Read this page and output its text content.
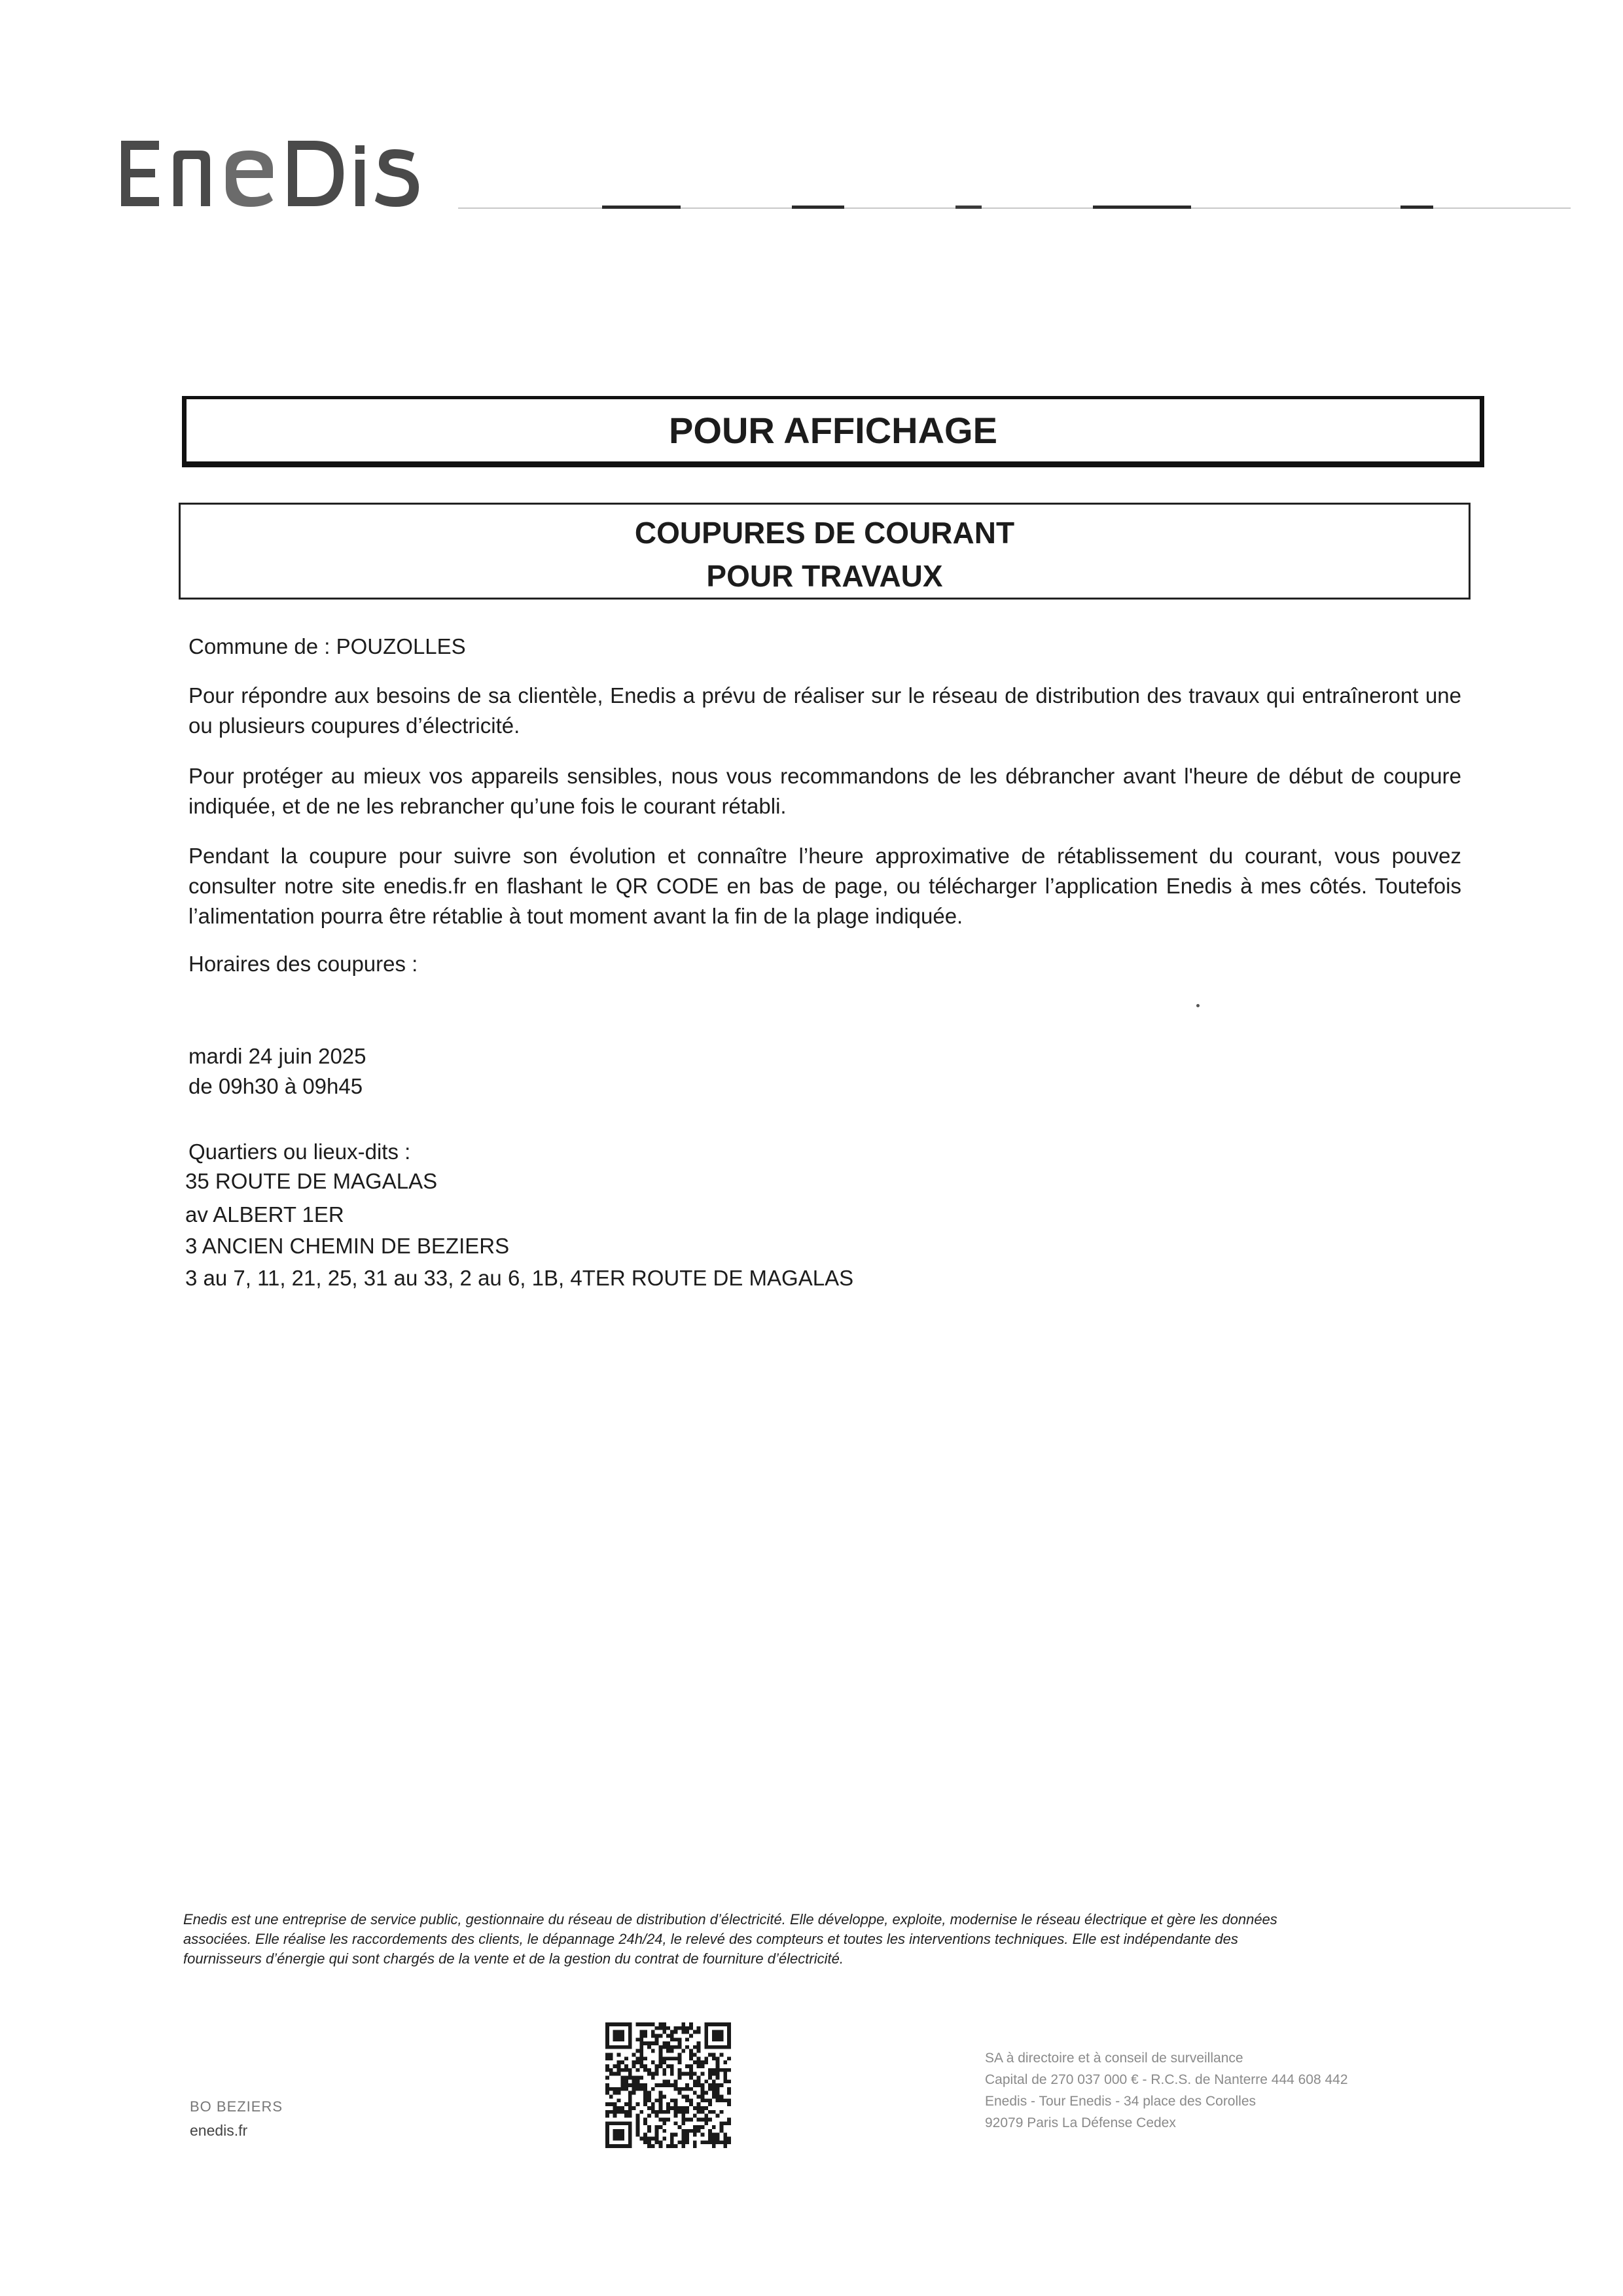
POUR AFFICHAGE
COUPURES DE COURANT
POUR TRAVAUX
Commune de : POUZOLLES

Pour répondre aux besoins de sa clientèle, Enedis a prévu de réaliser sur le réseau de distribution des travaux qui entraîneront une ou plusieurs coupures d’électricité.

Pour protéger au mieux vos appareils sensibles, nous vous recommandons de les débrancher avant l'heure de début de coupure indiquée, et de ne les rebrancher qu’une fois le courant rétabli.

Pendant la coupure pour suivre son évolution et connaître l’heure approximative de rétablissement du courant, vous pouvez consulter notre site enedis.fr en flashant le QR CODE en bas de page, ou télécharger l’application Enedis à mes côtés. Toutefois l’alimentation pourra être rétablie à tout moment avant la fin de la plage indiquée.

Horaires des coupures :
mardi 24 juin 2025
de 09h30 à 09h45
Quartiers ou lieux-dits :
35 ROUTE DE MAGALAS
av ALBERT 1ER
3 ANCIEN CHEMIN DE BEZIERS
3 au 7, 11, 21, 25, 31 au 33, 2 au 6, 1B, 4TER ROUTE DE MAGALAS

Enedis est une entreprise de service public, gestionnaire du réseau de distribution d’électricité. Elle développe, exploite, modernise le réseau électrique et gère les données

associées. Elle réalise les raccordements des clients, le dépannage 24h/24, le relevé des compteurs et toutes les interventions techniques. Elle est indépendante des

fournisseurs d’énergie qui sont chargés de la vente et de la gestion du contrat de fourniture d’électricité.

BO BEZIERS
enedis.fr
SA à directoire et à conseil de surveillance
Capital de 270 037 000 € - R.C.S. de Nanterre 444 608 442
Enedis - Tour Enedis - 34 place des Corolles
92079 Paris La Défense Cedex
